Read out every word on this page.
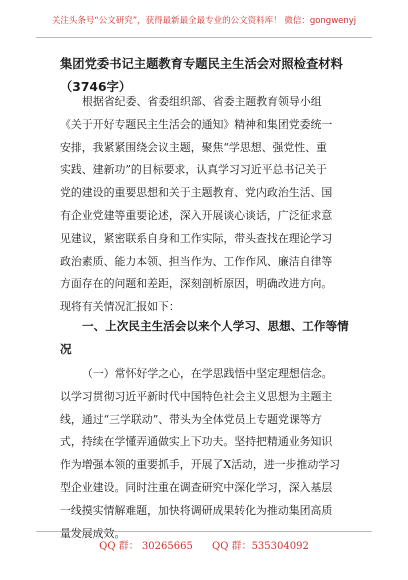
关注头条号“公文研究”，获得最新最全最专业的公文资料库！ 微信：gongwenyj
集团党委书记主题教育专题民主生活会对照检查材料
（3746字）
根据省纪委、省委组织部、省委主题教育领导小组
《关于开好专题民主生活会的通知》精神和集团党委统一
安排，我紧紧围绕会议主题，聚焦“学思想、强党性、重
实践、建新功”的目标要求，认真学习习近平总书记关于
党的建设的重要思想和关于主题教育、党内政治生活、国
有企业党建等重要论述，深入开展谈心谈话，广泛征求意
见建议，紧密联系自身和工作实际，带头查找在理论学习
政治素质、能力本领、担当作为、工作作风、廉洁自律等
方面存在的问题和差距，深刻剖析原因，明确改进方向。
现将有关情况汇报如下：
一、上次民主生活会以来个人学习、思想、工作等情
况
（一）常怀好学之心，在学思践悟中坚定理想信念。
以学习贯彻习近平新时代中国特色社会主义思想为主题主
线，通过“三学联动”、带头为全体党员上专题党课等方
式，持续在学懂弄通做实上下功夫。坚持把精通业务知识
作为增强本领的重要抓手，开展了X活动，进一步推动学习
型企业建设。同时注重在调查研究中深化学习，深入基层
一线摸实情解难题，加快将调研成果转化为推动集团高质
量发展成效。
QQ 群： 30265665 QQ 群：535304092
